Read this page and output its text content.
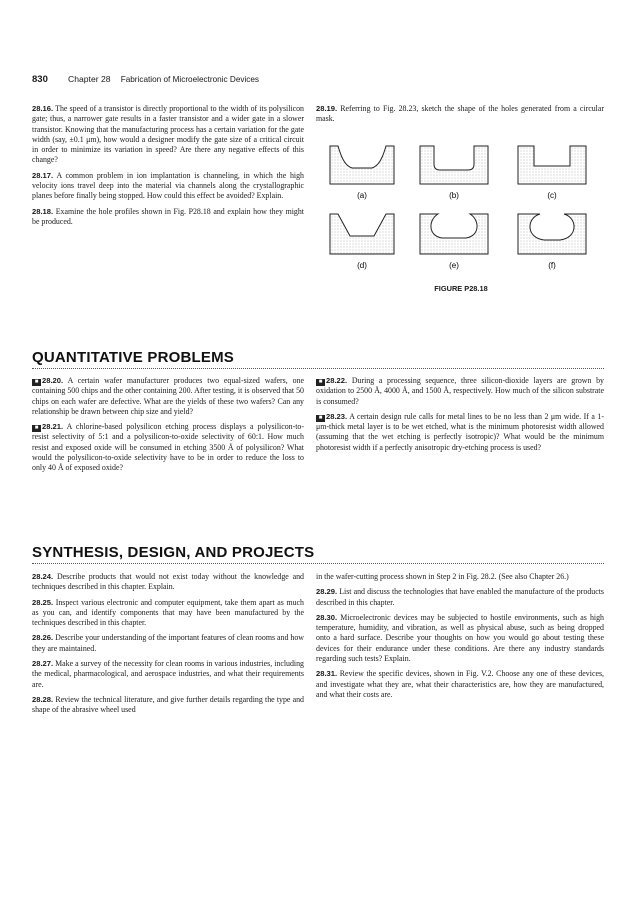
830 Chapter 28 Fabrication of Microelectronic Devices

28.16. The speed of a transistor is directly proportional to the width of its polysilicon gate; thus, a narrower gate results in a faster transistor and a wider gate in a slower transistor. Knowing that the manufacturing process has a certain variation for the gate width (say, ±0.1 μm), how would a designer modify the gate size of a critical circuit in order to minimize its variation in speed? Are there any negative effects of this change?

28.17. A common problem in ion implantation is channeling, in which the high velocity ions travel deep into the material via channels along the crystallographic planes before finally being stopped. How could this effect be avoided? Explain.

28.18. Examine the hole profiles shown in Fig. P28.18 and explain how they might be produced.

28.19. Referring to Fig. 28.23, sketch the shape of the holes generated from a circular mask.

(a)	(b)	(c)
(d)	(e)	(f)
FIGURE P28.18
QUANTITATIVE PROBLEMS

■ 28.20. A certain wafer manufacturer produces two equal-sized wafers, one containing 500 chips and the other containing 200. After testing, it is observed that 50 chips on each wafer are defective. What are the yields of these two wafers? Can any relationship be drawn between chip size and yield?

■ 28.21. A chlorine-based polysilicon etching process displays a polysilicon-to-resist selectivity of 5:1 and a polysilicon-to-oxide selectivity of 60:1. How much resist and exposed oxide will be consumed in etching 3500 Å of polysilicon? What would the polysilicon-to-oxide selectivity have to be in order to reduce the loss to only 40 Å of exposed oxide?

■ 28.22. During a processing sequence, three silicon-dioxide layers are grown by oxidation to 2500 Å, 4000 Å, and 1500 Å, respectively. How much of the silicon substrate is consumed?

■ 28.23. A certain design rule calls for metal lines to be no less than 2 μm wide. If a 1-μm-thick metal layer is to be wet etched, what is the minimum photoresist width allowed (assuming that the wet etching is perfectly isotropic)? What would be the minimum photoresist width if a perfectly anisotropic dry-etching process is used?

SYNTHESIS, DESIGN, AND PROJECTS

28.24. Describe products that would not exist today without the knowledge and techniques described in this chapter. Explain.

28.25. Inspect various electronic and computer equipment, take them apart as much as you can, and identify components that may have been manufactured by the techniques described in this chapter.

28.26. Describe your understanding of the important features of clean rooms and how they are maintained.

28.27. Make a survey of the necessity for clean rooms in various industries, including the medical, pharmacological, and aerospace industries, and what their requirements are.

28.28. Review the technical literature, and give further details regarding the type and shape of the abrasive wheel used

in the wafer-cutting process shown in Step 2 in Fig. 28.2. (See also Chapter 26.)

28.29. List and discuss the technologies that have enabled the manufacture of the products described in this chapter.

28.30. Microelectronic devices may be subjected to hostile environments, such as high temperature, humidity, and vibration, as well as physical abuse, such as being dropped onto a hard surface. Describe your thoughts on how you would go about testing these devices for their endurance under these conditions. Are there any industry standards regarding such tests? Explain.

28.31. Review the specific devices, shown in Fig. V.2. Choose any one of these devices, and investigate what they are, what their characteristics are, how they are manufactured, and what their costs are.
